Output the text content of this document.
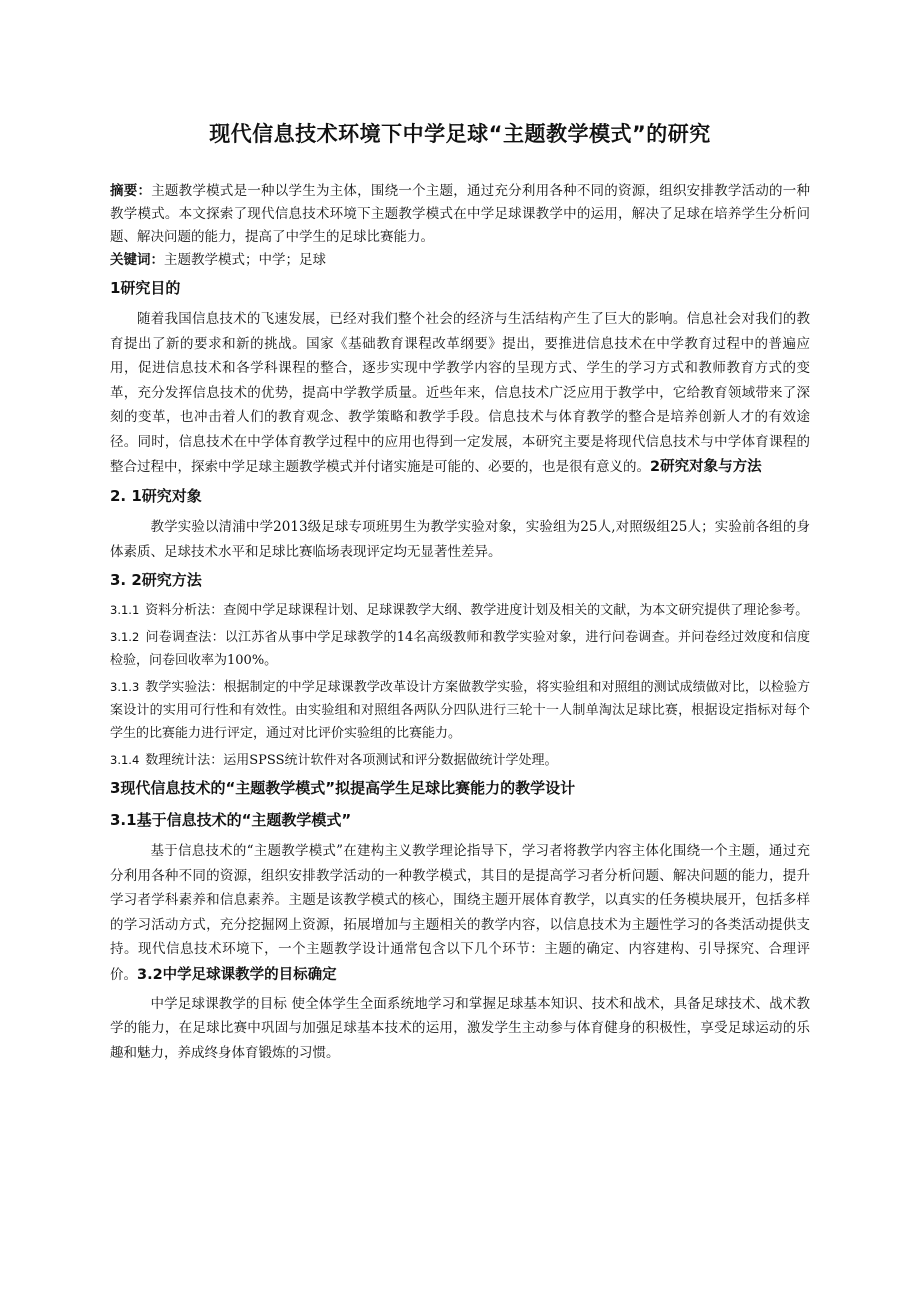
现代信息技术环境下中学足球“主题教学模式”的研究

摘要：主题教学模式是一种以学生为主体，围绕一个主题，通过充分利用各种不同的资源，组织安排教学活动的一种教学模式。本文探索了现代信息技术环境下主题教学模式在中学足球课教学中的运用，解决了足球在培养学生分析问题、解决问题的能力，提高了中学生的足球比赛能力。

关键词：主题教学模式；中学；足球

1研究目的

随着我国信息技术的飞速发展，已经对我们整个社会的经济与生活结构产生了巨大的影响。信息社会对我们的教育提出了新的要求和新的挑战。国家《基础教育课程改革纲要》提出，要推进信息技术在中学教育过程中的普遍应用，促进信息技术和各学科课程的整合，逐步实现中学教学内容的呈现方式、学生的学习方式和教师教育方式的变革，充分发挥信息技术的优势，提高中学教学质量。近些年来，信息技术广泛应用于教学中，它给教育领域带来了深刻的变革，也冲击着人们的教育观念、教学策略和教学手段。信息技术与体育教学的整合是培养创新人才的有效途径。同时，信息技术在中学体育教学过程中的应用也得到一定发展，本研究主要是将现代信息技术与中学体育课程的整合过程中，探索中学足球主题教学模式并付诸实施是可能的、必要的，也是很有意义的。2研究对象与方法

2. 1研究对象

教学实验以清浦中学2013级足球专项班男生为教学实验对象，实验组为25人,对照级组25人；实验前各组的身体素质、足球技术水平和足球比赛临场表现评定均无显著性差异。

3. 2研究方法

3.1.1 资料分析法：查阅中学足球课程计划、足球课教学大纲、教学进度计划及相关的文献，为本文研究提供了理论参考。

3.1.2 问卷调查法：以江苏省从事中学足球教学的14名高级教师和教学实验对象，进行问卷调查。并问卷经过效度和信度检验，问卷回收率为100%。

3.1.3 教学实验法：根据制定的中学足球课教学改革设计方案做教学实验，将实验组和对照组的测试成绩做对比，以检验方案设计的实用可行性和有效性。由实验组和对照组各两队分四队进行三轮十一人制单淘汰足球比赛，根据设定指标对每个学生的比赛能力进行评定，通过对比评价实验组的比赛能力。

3.1.4 数理统计法：运用SPSS统计软件对各项测试和评分数据做统计学处理。

3现代信息技术的“主题教学模式”拟提高学生足球比赛能力的教学设计
3.1基于信息技术的“主题教学模式”

基于信息技术的“主题教学模式”在建构主义教学理论指导下，学习者将教学内容主体化围绕一个主题，通过充分利用各种不同的资源，组织安排教学活动的一种教学模式，其目的是提高学习者分析问题、解决问题的能力，提升学习者学科素养和信息素养。主题是该教学模式的核心，围绕主题开展体育教学，以真实的任务模块展开，包括多样的学习活动方式，充分挖掘网上资源，拓展增加与主题相关的教学内容，以信息技术为主题性学习的各类活动提供支持。现代信息技术环境下，一个主题教学设计通常包含以下几个环节：主题的确定、内容建构、引导探究、合理评价。3.2中学足球课教学的目标确定

中学足球课教学的目标 使全体学生全面系统地学习和掌握足球基本知识、技术和战术，具备足球技术、战术教学的能力，在足球比赛中巩固与加强足球基本技术的运用，激发学生主动参与体育健身的积极性，享受足球运动的乐趣和魅力，养成终身体育锻炼的习惯。
